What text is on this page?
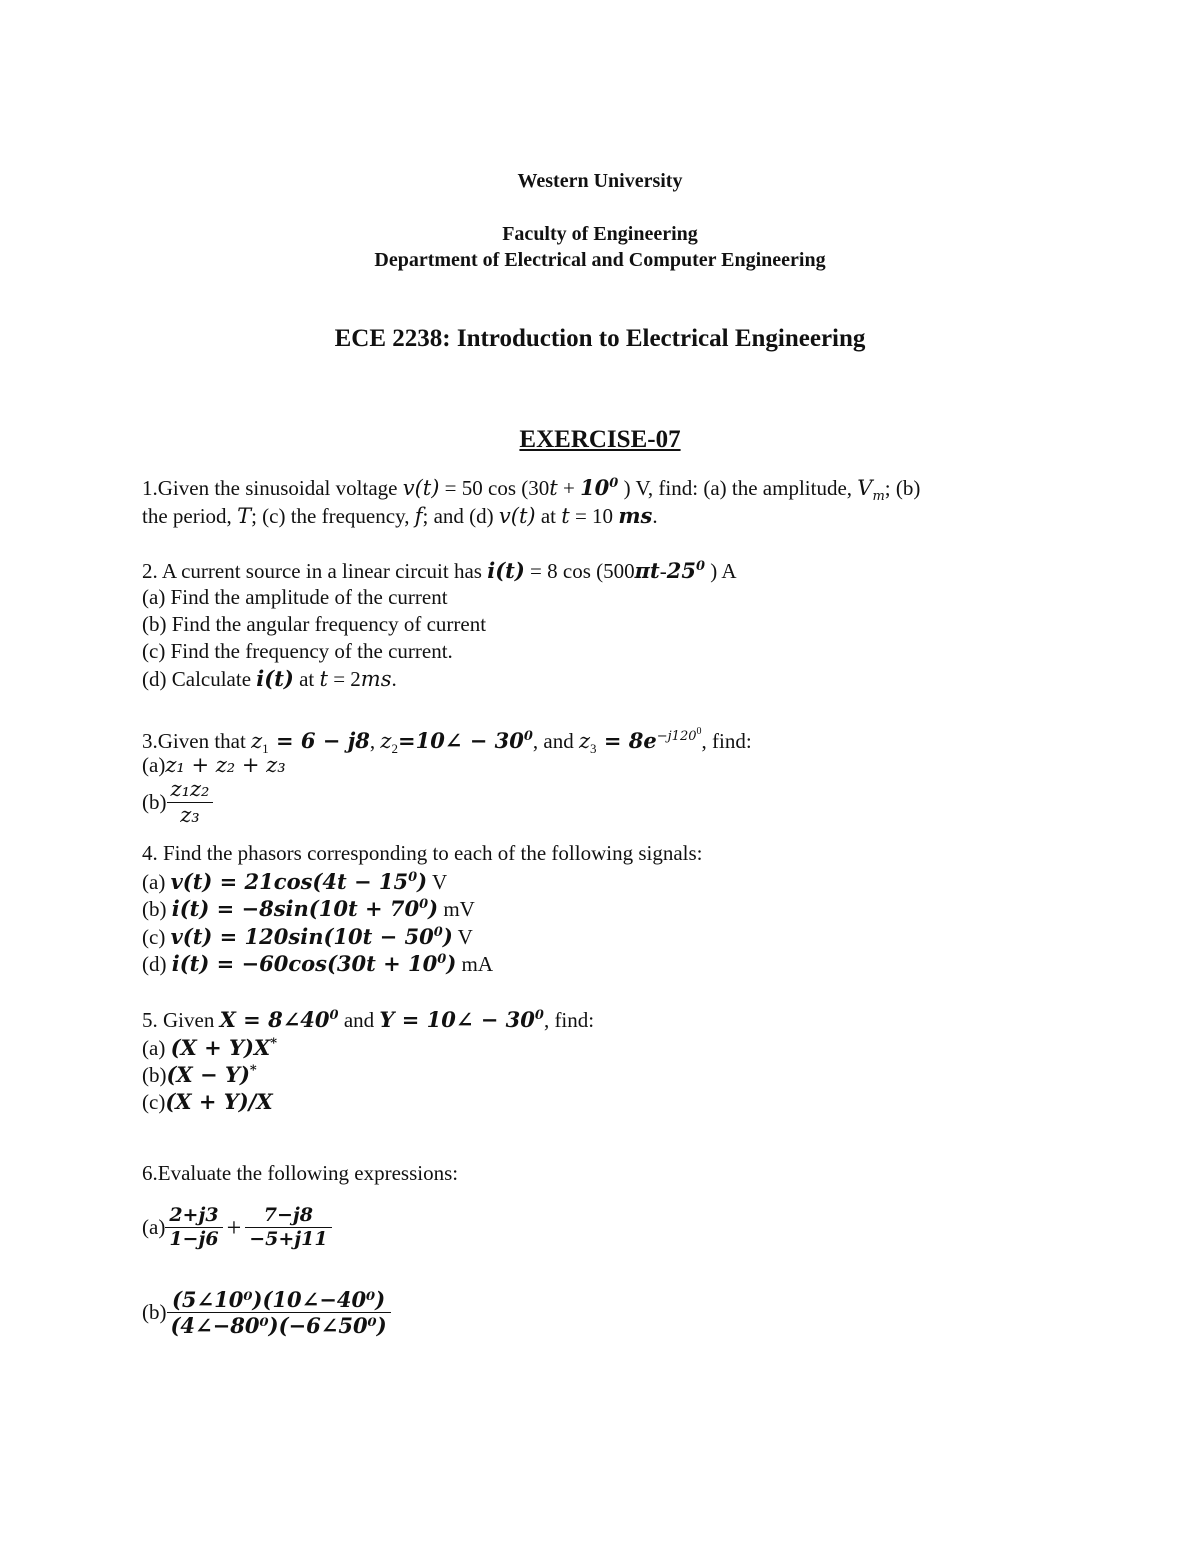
Western University
Faculty of Engineering
Department of Electrical and Computer Engineering
ECE 2238: Introduction to Electrical Engineering
EXERCISE-07
1.Given the sinusoidal voltage v(t) = 50 $\cos (30t + 10^0$ ) V, find: (a) the amplitude, $V_m$; (b)
the period, T; (c) the frequency, f; and (d) v(t) at t = 10 ms.
2. A current source in a linear circuit has i(t) = 8 $\cos (500\pi t-25^0$ ) A
(a) Find the amplitude of the current
(b) Find the angular frequency of current
(c) Find the frequency of the current.
(d) Calculate i(t) at t = 2ms.
3.Given that $z_1 = 6 - j8$, $z_2=10\angle - 30^0$, and $z_3 = 8e^{-j1200}$, find:
(a)z₁ + z₂ + z₃
$(b) \frac{\text{z₁z₂}}{\text{z₃}}$
4. Find the phasors corresponding to each of the following signals:
(a) $v(t) = 21\cos(4t - 15^0)$ V
(b) $i(t) = -8\sin(10t + 70^0)$ mV
(c) $v(t) = 120\sin(10t - 50^0)$ V
(d) $i(t) = -60\cos(30t + 10^0)$ mA
5. Given $X = 8\angle 40^0$ and Y = 10∠ − $30^0$, find:
(a) (X + Y)X*
(b)(X − Y)*
(c)(X + Y)/X
6.Evaluate the following expressions:
$(a) \frac{2+j3}{1-j6} + \frac{7-j8}{-5+j11}$
$(b) \frac{\text{(5∠10⁰)(10∠−40⁰)}}{\text{(4∠−80⁰)(−6∠50⁰)}}$
